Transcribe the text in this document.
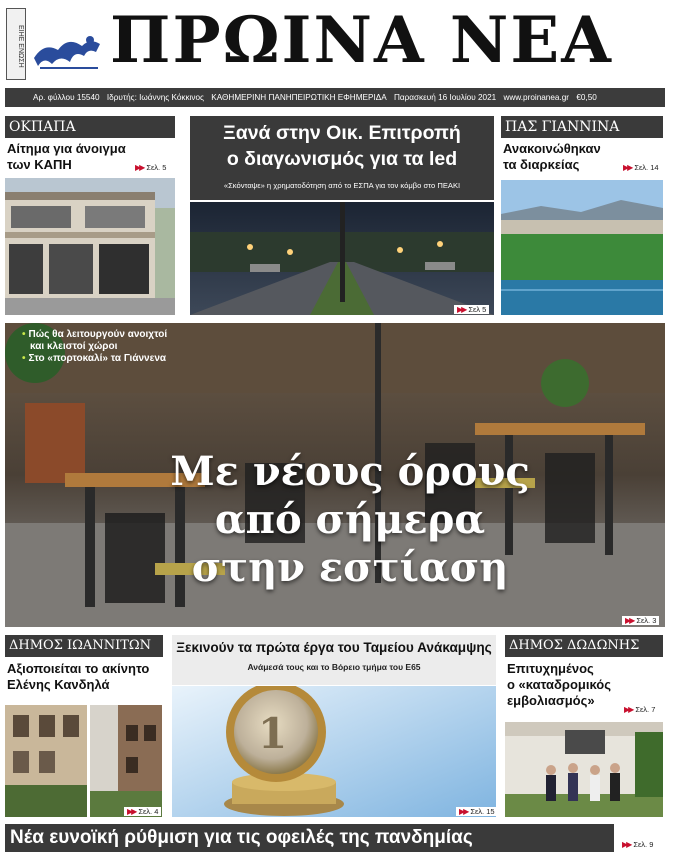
ΕΙΗΕ ΕΝΩΣΗ ΠΡΩΙΝΑ ΝΕΑ
Αρ. φύλλου 15540 Ιδρυτής: Ιωάννης Κόκκινος ΚΑΘΗΜΕΡΙΝΗ ΠΑΝΗΠΕΙΡΩΤΙΚΗ ΕΦΗΜΕΡΙΔΑ Παρασκευή 16 Ιουλίου 2021 www.proinanea.gr €0,50
ΟΚΠΑΠΑ
Αίτημα για άνοιγμα των ΚΑΠΗ	▶▶ Σελ. 5
Ξανά στην Οικ. Επιτροπή
ο διαγωνισμός για τα led
«Σκόνταψε» η χρηματοδότηση από το ΕΣΠΑ για τον κόμβο στο ΠΕΑΚΙ
▶▶ Σελ 5
ΠΑΣ ΓΙΑΝΝΙΝΑ
Ανακοινώθηκαν τα διαρκείας	▶▶ Σελ. 14
• Πώς θα λειτουργούν ανοιχτοί και κλειστοί χώροι
• Στο «πορτοκαλί» τα Γιάννενα
Με νέους όρους
από σήμερα
στην εστίαση
▶▶ Σελ. 3
ΔΗΜΟΣ ΙΩΑΝΝΙΤΩΝ
Αξιοποιείται το ακίνητο Ελένης Κανδηλά
▶▶ Σελ. 4
Ξεκινούν τα πρώτα έργα του Ταμείου Ανάκαμψης
Ανάμεσά τους και το Βόρειο τμήμα του Ε65
1
▶▶ Σελ. 15
ΔΗΜΟΣ ΔΩΔΩΝΗΣ
Επιτυχημένος
ο «καταδρομικός
εμβολιασμός»
▶▶ Σελ. 7
Νέα ευνοϊκή ρύθμιση για τις οφειλές της πανδημίας	▶▶ Σελ. 9
